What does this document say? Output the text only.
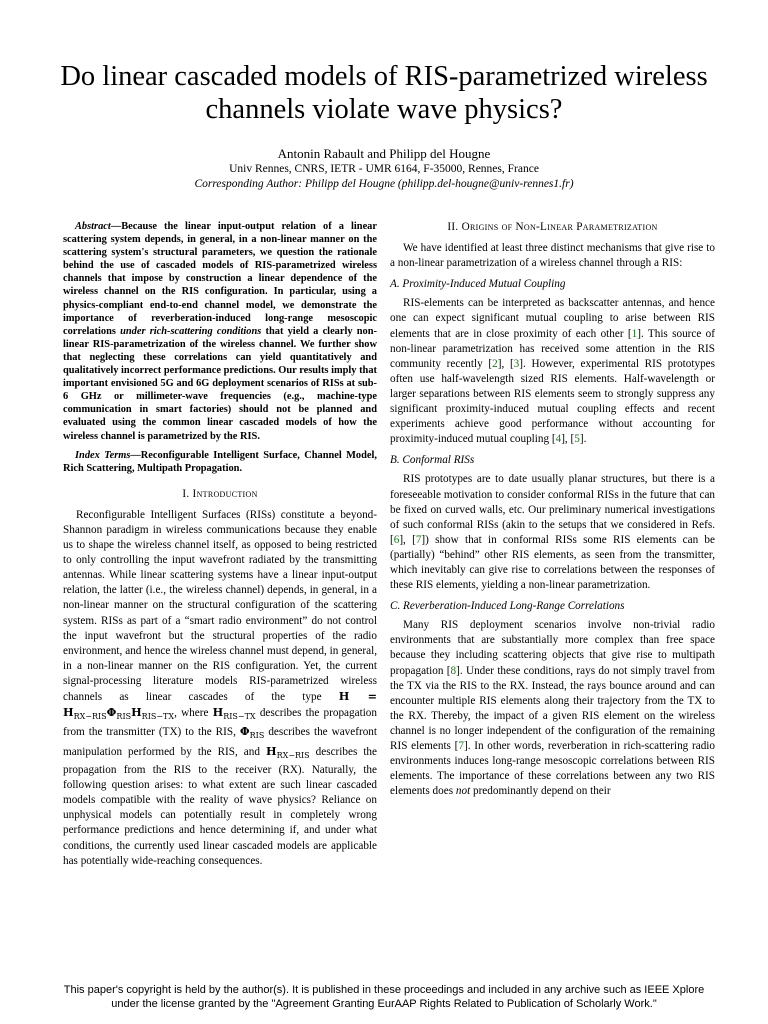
Do linear cascaded models of RIS-parametrized wireless channels violate wave physics?
Antonin Rabault and Philipp del Hougne
Univ Rennes, CNRS, IETR - UMR 6164, F-35000, Rennes, France
Corresponding Author: Philipp del Hougne (philipp.del-hougne@univ-rennes1.fr)

Abstract—Because the linear input-output relation of a linear scattering system depends, in general, in a non-linear manner on the scattering system's structural parameters, we question the rationale behind the use of cascaded models of RIS-parametrized wireless channels that impose by construction a linear dependence of the wireless channel on the RIS configuration. In particular, using a physics-compliant end-to-end channel model, we demonstrate the importance of reverberation-induced long-range mesoscopic correlations under rich-scattering conditions that yield a clearly non-linear RIS-parametrization of the wireless channel. We further show that neglecting these correlations can yield quantitatively and qualitatively incorrect performance predictions. Our results imply that important envisioned 5G and 6G deployment scenarios of RISs at sub-6 GHz or millimeter-wave frequencies (e.g., machine-type communication in smart factories) should not be planned and evaluated using the common linear cascaded models of how the wireless channel is parametrized by the RIS.

Index Terms—Reconfigurable Intelligent Surface, Channel Model, Rich Scattering, Multipath Propagation.

I. Introduction

Reconfigurable Intelligent Surfaces (RISs) constitute a beyond-Shannon paradigm in wireless communications because they enable us to shape the wireless channel itself, as opposed to being restricted to only controlling the input wavefront radiated by the transmitting antennas. While linear scattering systems have a linear input-output relation, the latter (i.e., the wireless channel) depends, in general, in a non-linear manner on the structural configuration of the scattering system. RISs as part of a “smart radio environment” do not control the input wavefront but the structural properties of the radio environment, and hence the wireless channel must depend, in general, in a non-linear manner on the RIS configuration. Yet, the current signal-processing literature models RIS-parametrized wireless channels as linear cascades of the type $H = H_{RX-RIS}\Phi_{RIS}H_{RIS-TX}$, where $H_{RIS-TX}$ describes the propagation from the transmitter (TX) to the RIS, $\Phi_{RIS}$ describes the wavefront manipulation performed by the RIS, and $H_{RX-RIS}$ describes the propagation from the RIS to the receiver (RX). Naturally, the following question arises: to what extent are such linear cascaded models compatible with the reality of wave physics? Reliance on unphysical models can potentially result in completely wrong performance predictions and hence determining if, and under what conditions, the currently used linear cascaded models are applicable has potentially wide-reaching consequences.

II. Origins of Non-Linear Parametrization

We have identified at least three distinct mechanisms that give rise to a non-linear parametrization of a wireless channel through a RIS:

A. Proximity-Induced Mutual Coupling

RIS-elements can be interpreted as backscatter antennas, and hence one can expect significant mutual coupling to arise between RIS elements that are in close proximity of each other [1]. This source of non-linear parametrization has received some attention in the RIS community recently [2], [3]. However, experimental RIS prototypes often use half-wavelength sized RIS elements. Half-wavelength or larger separations between RIS elements seem to strongly suppress any significant proximity-induced mutual coupling effects and recent experiments achieve good performance without accounting for proximity-induced mutual coupling [4], [5].

B. Conformal RISs

RIS prototypes are to date usually planar structures, but there is a foreseeable motivation to consider conformal RISs in the future that can be fixed on curved walls, etc. Our preliminary numerical investigations of such conformal RISs (akin to the setups that we considered in Refs. [6], [7]) show that in conformal RISs some RIS elements can be (partially) “behind” other RIS elements, as seen from the transmitter, which inevitably can give rise to correlations between the responses of these RIS elements, yielding a non-linear parametrization.

C. Reverberation-Induced Long-Range Correlations

Many RIS deployment scenarios involve non-trivial radio environments that are substantially more complex than free space because they including scattering objects that give rise to multipath propagation [8]. Under these conditions, rays do not simply travel from the TX via the RIS to the RX. Instead, the rays bounce around and can encounter multiple RIS elements along their trajectory from the TX to the RX. Thereby, the impact of a given RIS element on the wireless channel is no longer independent of the configuration of the remaining RIS elements [7]. In other words, reverberation in rich-scattering radio environments induces long-range mesoscopic correlations between RIS elements. The importance of these correlations between any two RIS elements does not predominantly depend on their

This paper's copyright is held by the author(s). It is published in these proceedings and included in any archive such as IEEE Xplore
under the license granted by the "Agreement Granting EurAAP Rights Related to Publication of Scholarly Work."
